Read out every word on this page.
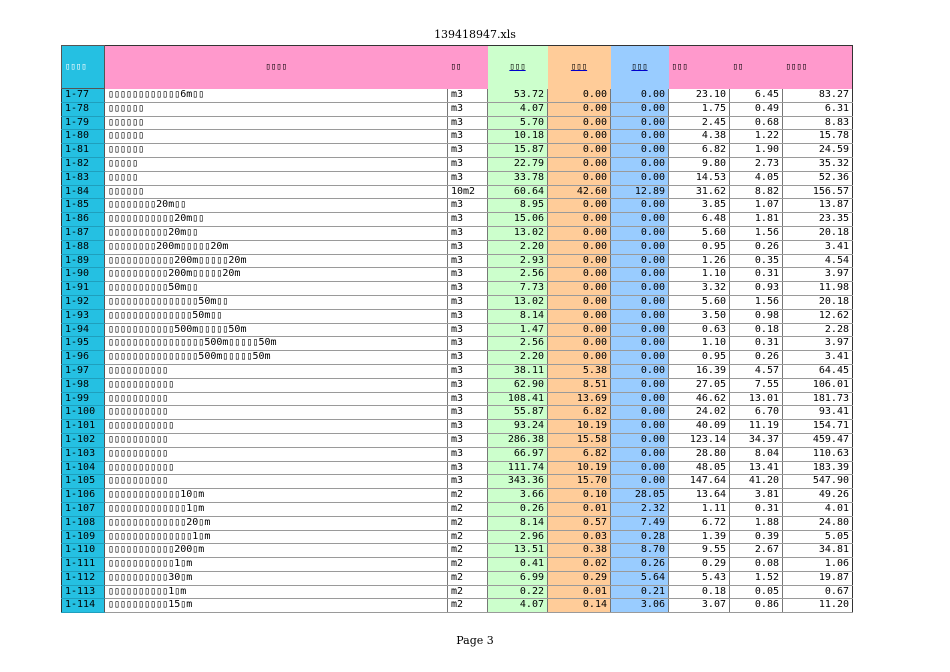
139418947.xls
▯▯▯▯	▯▯▯▯	▯▯	▯▯▯	▯▯▯	▯▯▯	▯▯▯	▯▯	▯▯▯▯
1-77	▯▯▯▯▯▯▯▯▯▯▯▯6m▯▯	m3	53.72	0.00	0.00	23.10	6.45	83.27
1-78	▯▯▯▯▯▯	m3	4.07	0.00	0.00	1.75	0.49	6.31
1-79	▯▯▯▯▯▯	m3	5.70	0.00	0.00	2.45	0.68	8.83
1-80	▯▯▯▯▯▯	m3	10.18	0.00	0.00	4.38	1.22	15.78
1-81	▯▯▯▯▯▯	m3	15.87	0.00	0.00	6.82	1.90	24.59
1-82	▯▯▯▯▯	m3	22.79	0.00	0.00	9.80	2.73	35.32
1-83	▯▯▯▯▯	m3	33.78	0.00	0.00	14.53	4.05	52.36
1-84	▯▯▯▯▯▯	10m2	60.64	42.60	12.89	31.62	8.82	156.57
1-85	▯▯▯▯▯▯▯▯20m▯▯	m3	8.95	0.00	0.00	3.85	1.07	13.87
1-86	▯▯▯▯▯▯▯▯▯▯▯20m▯▯	m3	15.06	0.00	0.00	6.48	1.81	23.35
1-87	▯▯▯▯▯▯▯▯▯▯20m▯▯	m3	13.02	0.00	0.00	5.60	1.56	20.18
1-88	▯▯▯▯▯▯▯▯200m▯▯▯▯▯20m	m3	2.20	0.00	0.00	0.95	0.26	3.41
1-89	▯▯▯▯▯▯▯▯▯▯▯200m▯▯▯▯▯20m	m3	2.93	0.00	0.00	1.26	0.35	4.54
1-90	▯▯▯▯▯▯▯▯▯▯200m▯▯▯▯▯20m	m3	2.56	0.00	0.00	1.10	0.31	3.97
1-91	▯▯▯▯▯▯▯▯▯▯50m▯▯	m3	7.73	0.00	0.00	3.32	0.93	11.98
1-92	▯▯▯▯▯▯▯▯▯▯▯▯▯▯▯50m▯▯	m3	13.02	0.00	0.00	5.60	1.56	20.18
1-93	▯▯▯▯▯▯▯▯▯▯▯▯▯▯50m▯▯	m3	8.14	0.00	0.00	3.50	0.98	12.62
1-94	▯▯▯▯▯▯▯▯▯▯▯500m▯▯▯▯▯50m	m3	1.47	0.00	0.00	0.63	0.18	2.28
1-95	▯▯▯▯▯▯▯▯▯▯▯▯▯▯▯▯500m▯▯▯▯▯50m	m3	2.56	0.00	0.00	1.10	0.31	3.97
1-96	▯▯▯▯▯▯▯▯▯▯▯▯▯▯▯500m▯▯▯▯▯50m	m3	2.20	0.00	0.00	0.95	0.26	3.41
1-97	▯▯▯▯▯▯▯▯▯▯	m3	38.11	5.38	0.00	16.39	4.57	64.45
1-98	▯▯▯▯▯▯▯▯▯▯▯	m3	62.90	8.51	0.00	27.05	7.55	106.01
1-99	▯▯▯▯▯▯▯▯▯▯	m3	108.41	13.69	0.00	46.62	13.01	181.73
1-100	▯▯▯▯▯▯▯▯▯▯	m3	55.87	6.82	0.00	24.02	6.70	93.41
1-101	▯▯▯▯▯▯▯▯▯▯▯	m3	93.24	10.19	0.00	40.09	11.19	154.71
1-102	▯▯▯▯▯▯▯▯▯▯	m3	286.38	15.58	0.00	123.14	34.37	459.47
1-103	▯▯▯▯▯▯▯▯▯▯	m3	66.97	6.82	0.00	28.80	8.04	110.63
1-104	▯▯▯▯▯▯▯▯▯▯▯	m3	111.74	10.19	0.00	48.05	13.41	183.39
1-105	▯▯▯▯▯▯▯▯▯▯	m3	343.36	15.70	0.00	147.64	41.20	547.90
1-106	▯▯▯▯▯▯▯▯▯▯▯▯10▯m	m2	3.66	0.10	28.05	13.64	3.81	49.26
1-107	▯▯▯▯▯▯▯▯▯▯▯▯▯1▯m	m2	0.26	0.01	2.32	1.11	0.31	4.01
1-108	▯▯▯▯▯▯▯▯▯▯▯▯▯20▯m	m2	8.14	0.57	7.49	6.72	1.88	24.80
1-109	▯▯▯▯▯▯▯▯▯▯▯▯▯▯1▯m	m2	2.96	0.03	0.28	1.39	0.39	5.05
1-110	▯▯▯▯▯▯▯▯▯▯▯200▯m	m2	13.51	0.38	8.70	9.55	2.67	34.81
1-111	▯▯▯▯▯▯▯▯▯▯▯1▯m	m2	0.41	0.02	0.26	0.29	0.08	1.06
1-112	▯▯▯▯▯▯▯▯▯▯30▯m	m2	6.99	0.29	5.64	5.43	1.52	19.87
1-113	▯▯▯▯▯▯▯▯▯▯1▯m	m2	0.22	0.01	0.21	0.18	0.05	0.67
1-114	▯▯▯▯▯▯▯▯▯▯15▯m	m2	4.07	0.14	3.06	3.07	0.86	11.20
Page 3
